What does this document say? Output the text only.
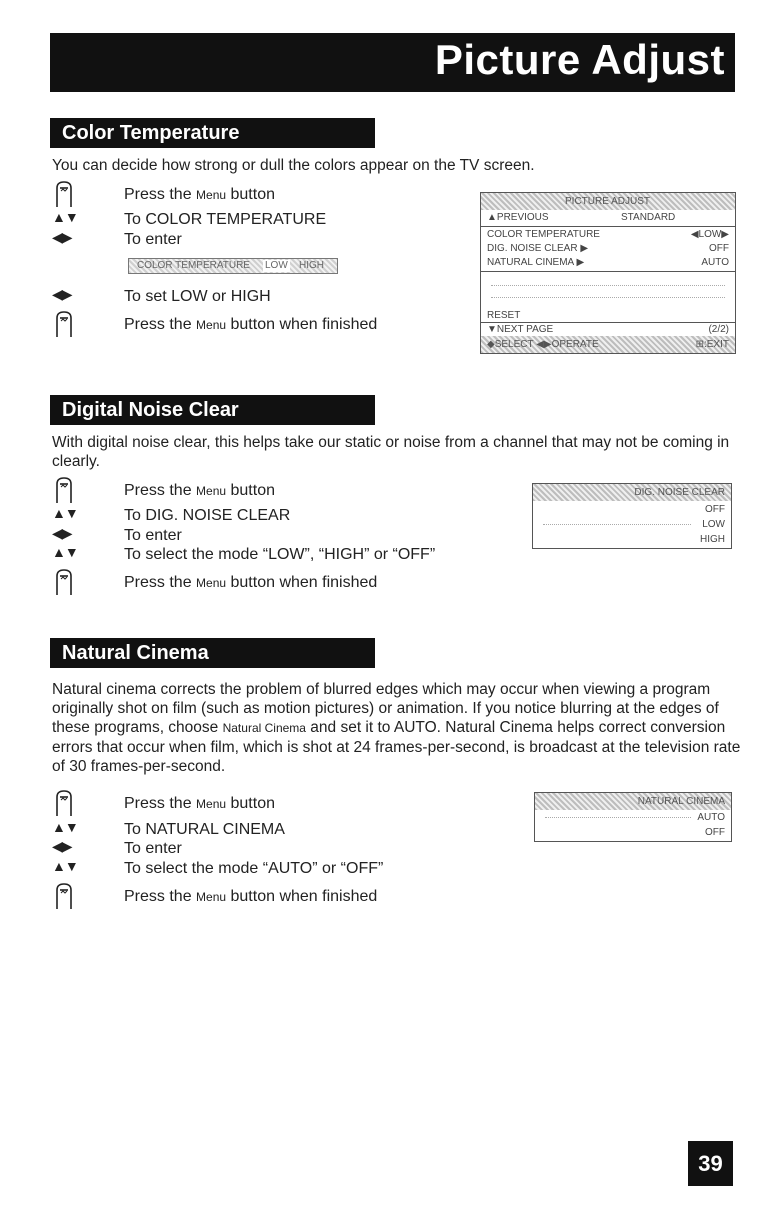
Picture Adjust
Color Temperature
You can decide how strong or dull the colors appear on the TV screen.
Press the Menu button
▲▼	To COLOR TEMPERATURE
◀▶	To enter
◀▶	To set LOW or HIGH
Press the Menu button when finished
COLOR TEMPERATURE LOW HIGH
PICTURE ADJUST
▲PREVIOUS	STANDARD
COLOR TEMPERATURE	◀LOW▶
DIG. NOISE CLEAR ▶	OFF
NATURAL CINEMA ▶	AUTO
RESET
▼NEXT PAGE	(2/2)
◆SELECT ◀▶OPERATE	⊞:EXIT
Digital Noise Clear
With digital noise clear, this helps take our static or noise from a channel that may not be coming in clearly.
Press the Menu button
▲▼	To DIG. NOISE CLEAR
◀▶	To enter
▲▼	To select the mode “LOW”, “HIGH” or “OFF”
Press the Menu button when finished
DIG. NOISE CLEAR
OFF
LOW
HIGH
Natural Cinema
Natural cinema corrects the problem of blurred edges which may occur when viewing a program originally shot on film (such as motion pictures) or animation. If you notice blurring at the edges of these programs, choose Natural Cinema and set it to AUTO. Natural Cinema helps correct conversion errors that occur when film, which is shot at 24 frames-per-second, is broadcast at the television rate of 30 frames-per-second.
Press the Menu button
▲▼	To NATURAL CINEMA
◀▶	To enter
▲▼	To select the mode “AUTO” or “OFF”
Press the Menu button when finished
NATURAL CINEMA
AUTO
OFF
39
